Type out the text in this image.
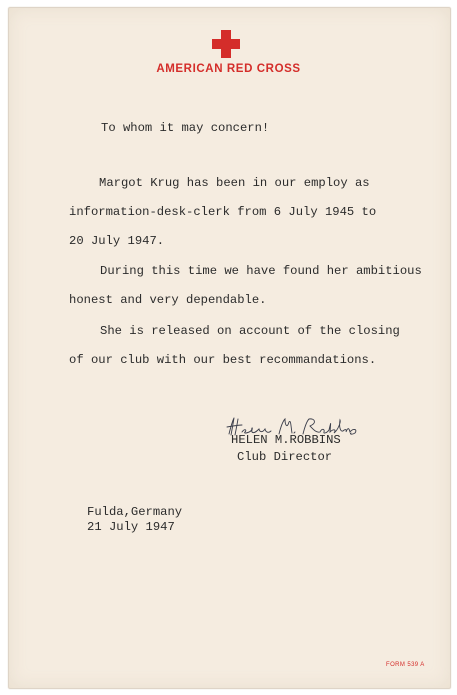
AMERICAN RED CROSS
To whom it may concern!
Margot Krug has been in our employ as
information-desk-clerk from 6 July 1945 to
20 July 1947.
During this time we have found her ambitious
honest and very dependable.
She is released on account of the closing
of our club with our best recommandations.
HELEN M.ROBBINS
Club Director
Fulda,Germany
21 July 1947
FORM 539 A
